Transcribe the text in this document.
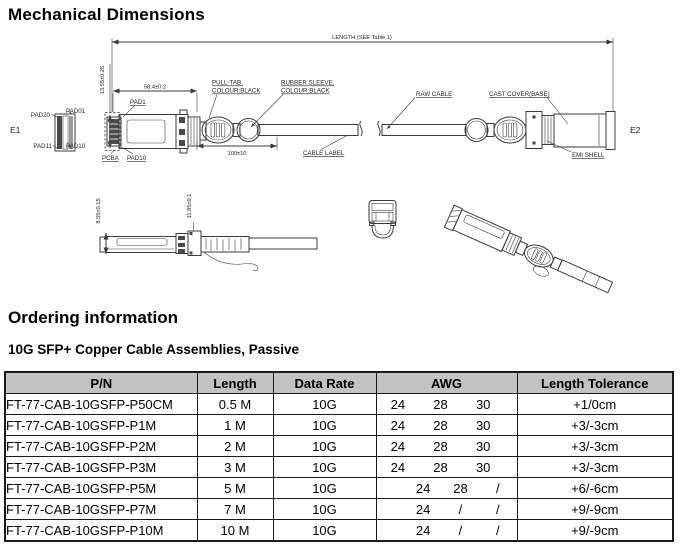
Mechanical Dimensions
LENGTH (SEE Table 1)
E1
PAD20
PAD01
PAD11 PAD10
13.55±0.25
E2
PAD1
58.4±0.2
PCBA PAD10
PULL-TAB,
COLOUR:BLACK
RUBBER SLEEVE,
COLOUR:BLACK
100±10	CABLE LABEL
RAW CABLE	CAST COVER(BASE)
EMI SHELL
8.55±0.15	11.85±0.1
Ordering information
10G SFP+ Copper Cable Assemblies, Passive
P/N	Length	Data Rate	AWG	Length Tolerance
FT-77-CAB-10GSFP-P50CM	0.5 M	10G	24 28 30	+1/0cm
FT-77-CAB-10GSFP-P1M	1 M	10G	24 28 30	+3/-3cm
FT-77-CAB-10GSFP-P2M	2 M	10G	24 28 30	+3/-3cm
FT-77-CAB-10GSFP-P3M	3 M	10G	24 28 30	+3/-3cm
FT-77-CAB-10GSFP-P5M	5 M	10G	24 28 /	+6/-6cm
FT-77-CAB-10GSFP-P7M	7 M	10G	24 / /	+9/-9cm
FT-77-CAB-10GSFP-P10M	10 M	10G	24 / /	+9/-9cm
